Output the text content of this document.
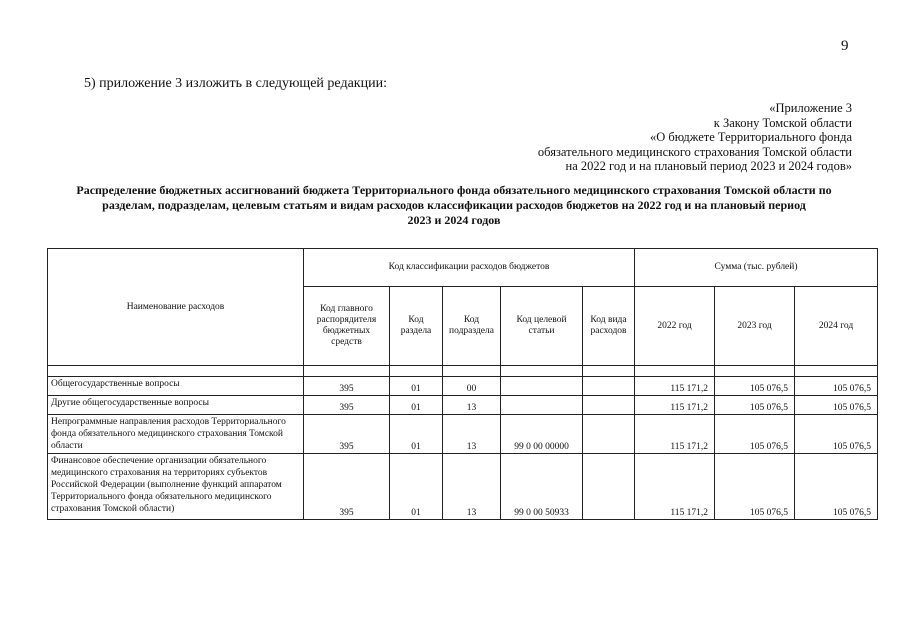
9
5) приложение 3 изложить в следующей редакции:
«Приложение 3
к Закону Томской области
«О бюджете Территориального фонда
обязательного медицинского страхования Томской области
на 2022 год и на плановый период 2023 и 2024 годов»
Распределение бюджетных ассигнований бюджета Территориального фонда обязательного медицинского страхования Томской области по
разделам, подразделам, целевым статьям и видам расходов классификации расходов бюджетов на 2022 год и на плановый период
2023 и 2024 годов
Наименование расходов	Код классификации расходов бюджетов					Сумма (тыс. рублей)		
	Код главного распорядителя бюджетных средств	Код раздела	Код подраздела	Код целевой статьи	Код вида расходов	2022 год	2023 год	2024 год

Общегосударственные вопросы	395	01	00			115 171,2	105 076,5	105 076,5
Другие общегосударственные вопросы	395	01	13			115 171,2	105 076,5	105 076,5
Непрограммные направления расходов Территориального фонда обязательного медицинского страхования Томской области	395	01	13	99 0 00 00000		115 171,2	105 076,5	105 076,5
Финансовое обеспечение организации обязательного медицинского страхования на территориях субъектов Российской Федерации (выполнение функций аппаратом Территориального фонда обязательного медицинского страхования Томской области)	395	01	13	99 0 00 50933		115 171,2	105 076,5	105 076,5
